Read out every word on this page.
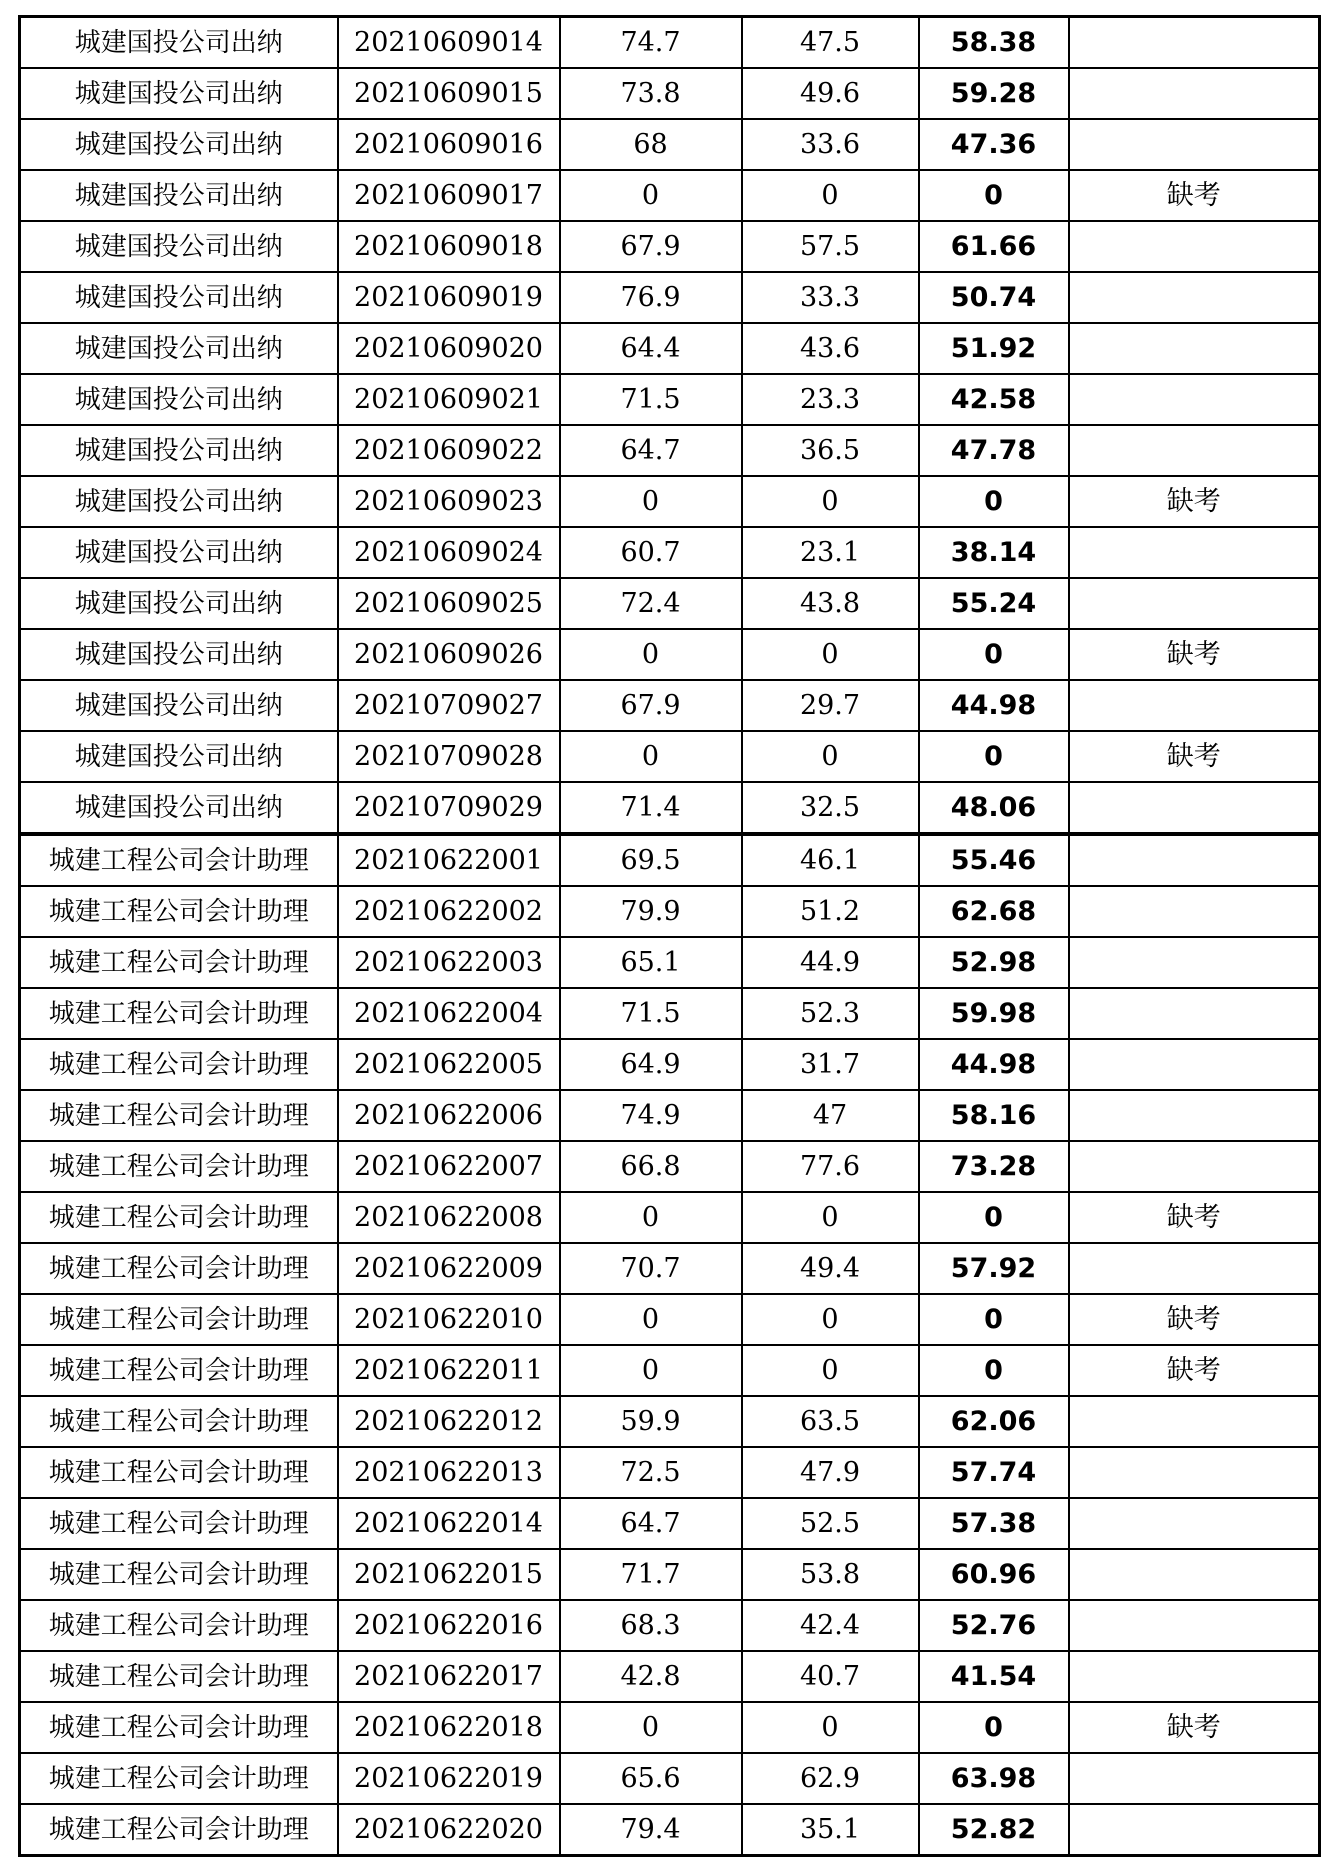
城建国投公司出纳	20210609014	74.7	47.5	58.38	
城建国投公司出纳	20210609015	73.8	49.6	59.28	
城建国投公司出纳	20210609016	68	33.6	47.36	
城建国投公司出纳	20210609017	0	0	0	缺考
城建国投公司出纳	20210609018	67.9	57.5	61.66	
城建国投公司出纳	20210609019	76.9	33.3	50.74	
城建国投公司出纳	20210609020	64.4	43.6	51.92	
城建国投公司出纳	20210609021	71.5	23.3	42.58	
城建国投公司出纳	20210609022	64.7	36.5	47.78	
城建国投公司出纳	20210609023	0	0	0	缺考
城建国投公司出纳	20210609024	60.7	23.1	38.14	
城建国投公司出纳	20210609025	72.4	43.8	55.24	
城建国投公司出纳	20210609026	0	0	0	缺考
城建国投公司出纳	20210709027	67.9	29.7	44.98	
城建国投公司出纳	20210709028	0	0	0	缺考
城建国投公司出纳	20210709029	71.4	32.5	48.06	
城建工程公司会计助理	20210622001	69.5	46.1	55.46	
城建工程公司会计助理	20210622002	79.9	51.2	62.68	
城建工程公司会计助理	20210622003	65.1	44.9	52.98	
城建工程公司会计助理	20210622004	71.5	52.3	59.98	
城建工程公司会计助理	20210622005	64.9	31.7	44.98	
城建工程公司会计助理	20210622006	74.9	47	58.16	
城建工程公司会计助理	20210622007	66.8	77.6	73.28	
城建工程公司会计助理	20210622008	0	0	0	缺考
城建工程公司会计助理	20210622009	70.7	49.4	57.92	
城建工程公司会计助理	20210622010	0	0	0	缺考
城建工程公司会计助理	20210622011	0	0	0	缺考
城建工程公司会计助理	20210622012	59.9	63.5	62.06	
城建工程公司会计助理	20210622013	72.5	47.9	57.74	
城建工程公司会计助理	20210622014	64.7	52.5	57.38	
城建工程公司会计助理	20210622015	71.7	53.8	60.96	
城建工程公司会计助理	20210622016	68.3	42.4	52.76	
城建工程公司会计助理	20210622017	42.8	40.7	41.54	
城建工程公司会计助理	20210622018	0	0	0	缺考
城建工程公司会计助理	20210622019	65.6	62.9	63.98	
城建工程公司会计助理	20210622020	79.4	35.1	52.82	
